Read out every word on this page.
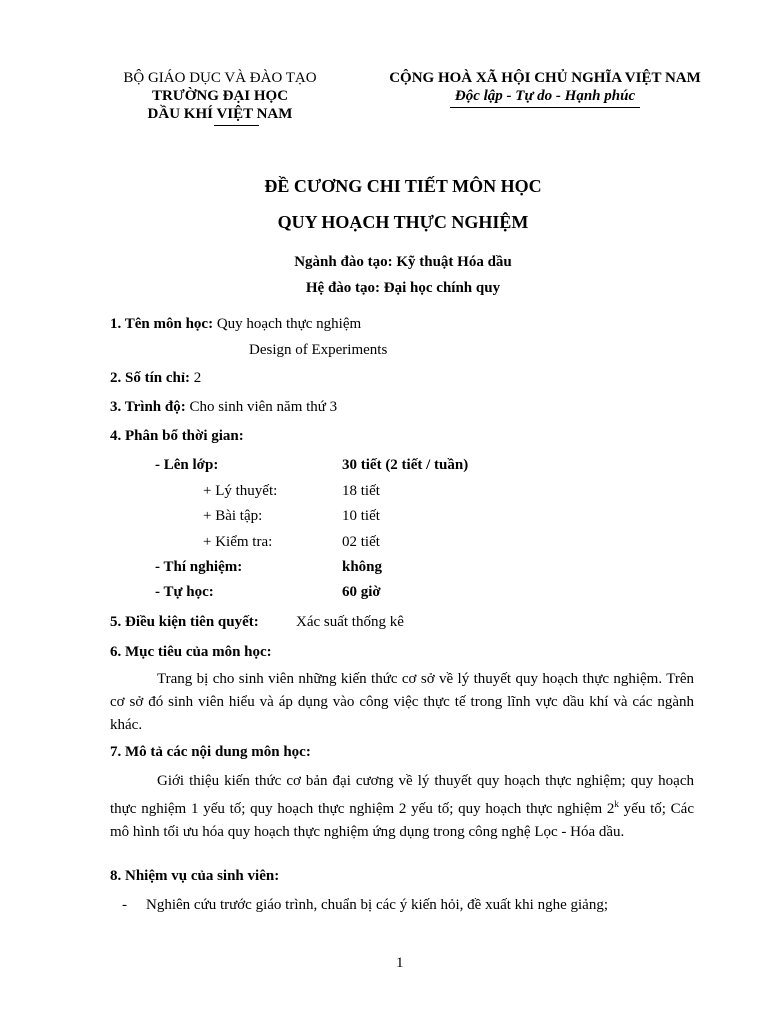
BỘ GIÁO DỤC VÀ ĐÀO TẠO
TRƯỜNG ĐẠI HỌC
DẦU KHÍ VIỆT NAM
CỘNG HOÀ XÃ HỘI CHỦ NGHĨA VIỆT NAM
Độc lập - Tự do - Hạnh phúc
ĐỀ CƯƠNG CHI TIẾT MÔN HỌC
QUY HOẠCH THỰC NGHIỆM
Ngành đào tạo: Kỹ thuật Hóa dầu
Hệ đào tạo: Đại học chính quy
1. Tên môn học: Quy hoạch thực nghiệm
Design of Experiments
2. Số tín chỉ: 2
3. Trình độ: Cho sinh viên năm thứ 3
4. Phân bổ thời gian:
- Lên lớp:	30 tiết (2 tiết / tuần)
+ Lý thuyết:	18 tiết
+ Bài tập:	10 tiết
+ Kiểm tra:	02 tiết
- Thí nghiệm:	không
- Tự học:	60 giờ
5. Điều kiện tiên quyết: Xác suất thống kê
6. Mục tiêu của môn học:
Trang bị cho sinh viên những kiến thức cơ sở về lý thuyết quy hoạch thực nghiệm. Trên cơ sở đó sinh viên hiểu và áp dụng vào công việc thực tế trong lĩnh vực dầu khí và các ngành khác.
7. Mô tả các nội dung môn học:
Giới thiệu kiến thức cơ bản đại cương về lý thuyết quy hoạch thực nghiệm; quy hoạch thực nghiệm 1 yếu tố; quy hoạch thực nghiệm 2 yếu tố; quy hoạch thực nghiệm 2$^k$ yếu tố; Các mô hình tối ưu hóa quy hoạch thực nghiệm ứng dụng trong công nghệ Lọc - Hóa dầu.
8. Nhiệm vụ của sinh viên:
- Nghiên cứu trước giáo trình, chuẩn bị các ý kiến hỏi, đề xuất khi nghe giảng;
1
